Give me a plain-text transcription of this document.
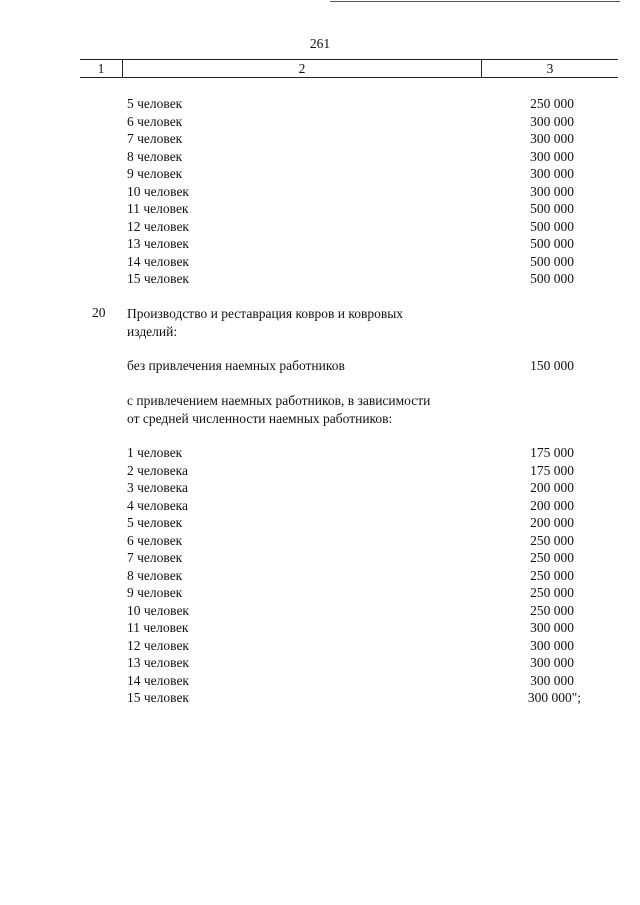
261
1	2	3
5 человек	250 000
6 человек	300 000
7 человек	300 000
8 человек	300 000
9 человек	300 000
10 человек	300 000
11 человек	500 000
12 человек	500 000
13 человек	500 000
14 человек	500 000
15 человек	500 000
20 Производство и реставрация ковров и ковровых
изделий:
без привлечения наемных работников	150 000
с привлечением наемных работников, в зависимости
от средней численности наемных работников:
1 человек	175 000
2 человека	175 000
3 человека	200 000
4 человека	200 000
5 человек	200 000
6 человек	250 000
7 человек	250 000
8 человек	250 000
9 человек	250 000
10 человек	250 000
11 человек	300 000
12 человек	300 000
13 человек	300 000
14 человек	300 000
15 человек	300 000";
